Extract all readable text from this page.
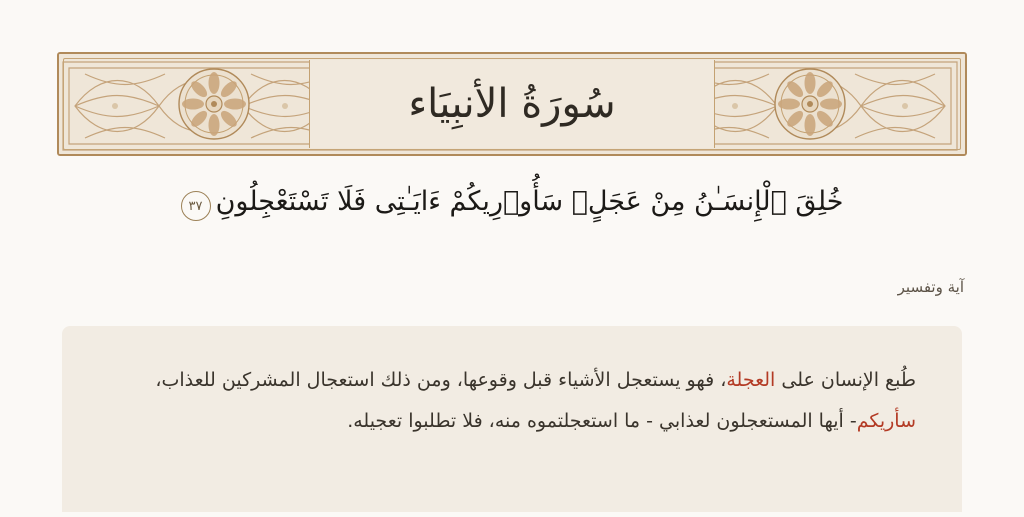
سُورَةُ الأنبِيَاء
خُلِقَ ٱلْإِنسَـٰنُ مِنْ عَجَلٍۢ سَأُو۟رِيكُمْ ءَايَـٰتِى فَلَا تَسْتَعْجِلُونِ
٣٧
آية وتفسير

طُبع الإنسان على العجلة، فهو يستعجل الأشياء قبل وقوعها، ومن ذلك استعجال المشركين للعذاب، سأريكم- أيها المستعجلون لعذابي - ما استعجلتموه منه، فلا تطلبوا تعجيله.
